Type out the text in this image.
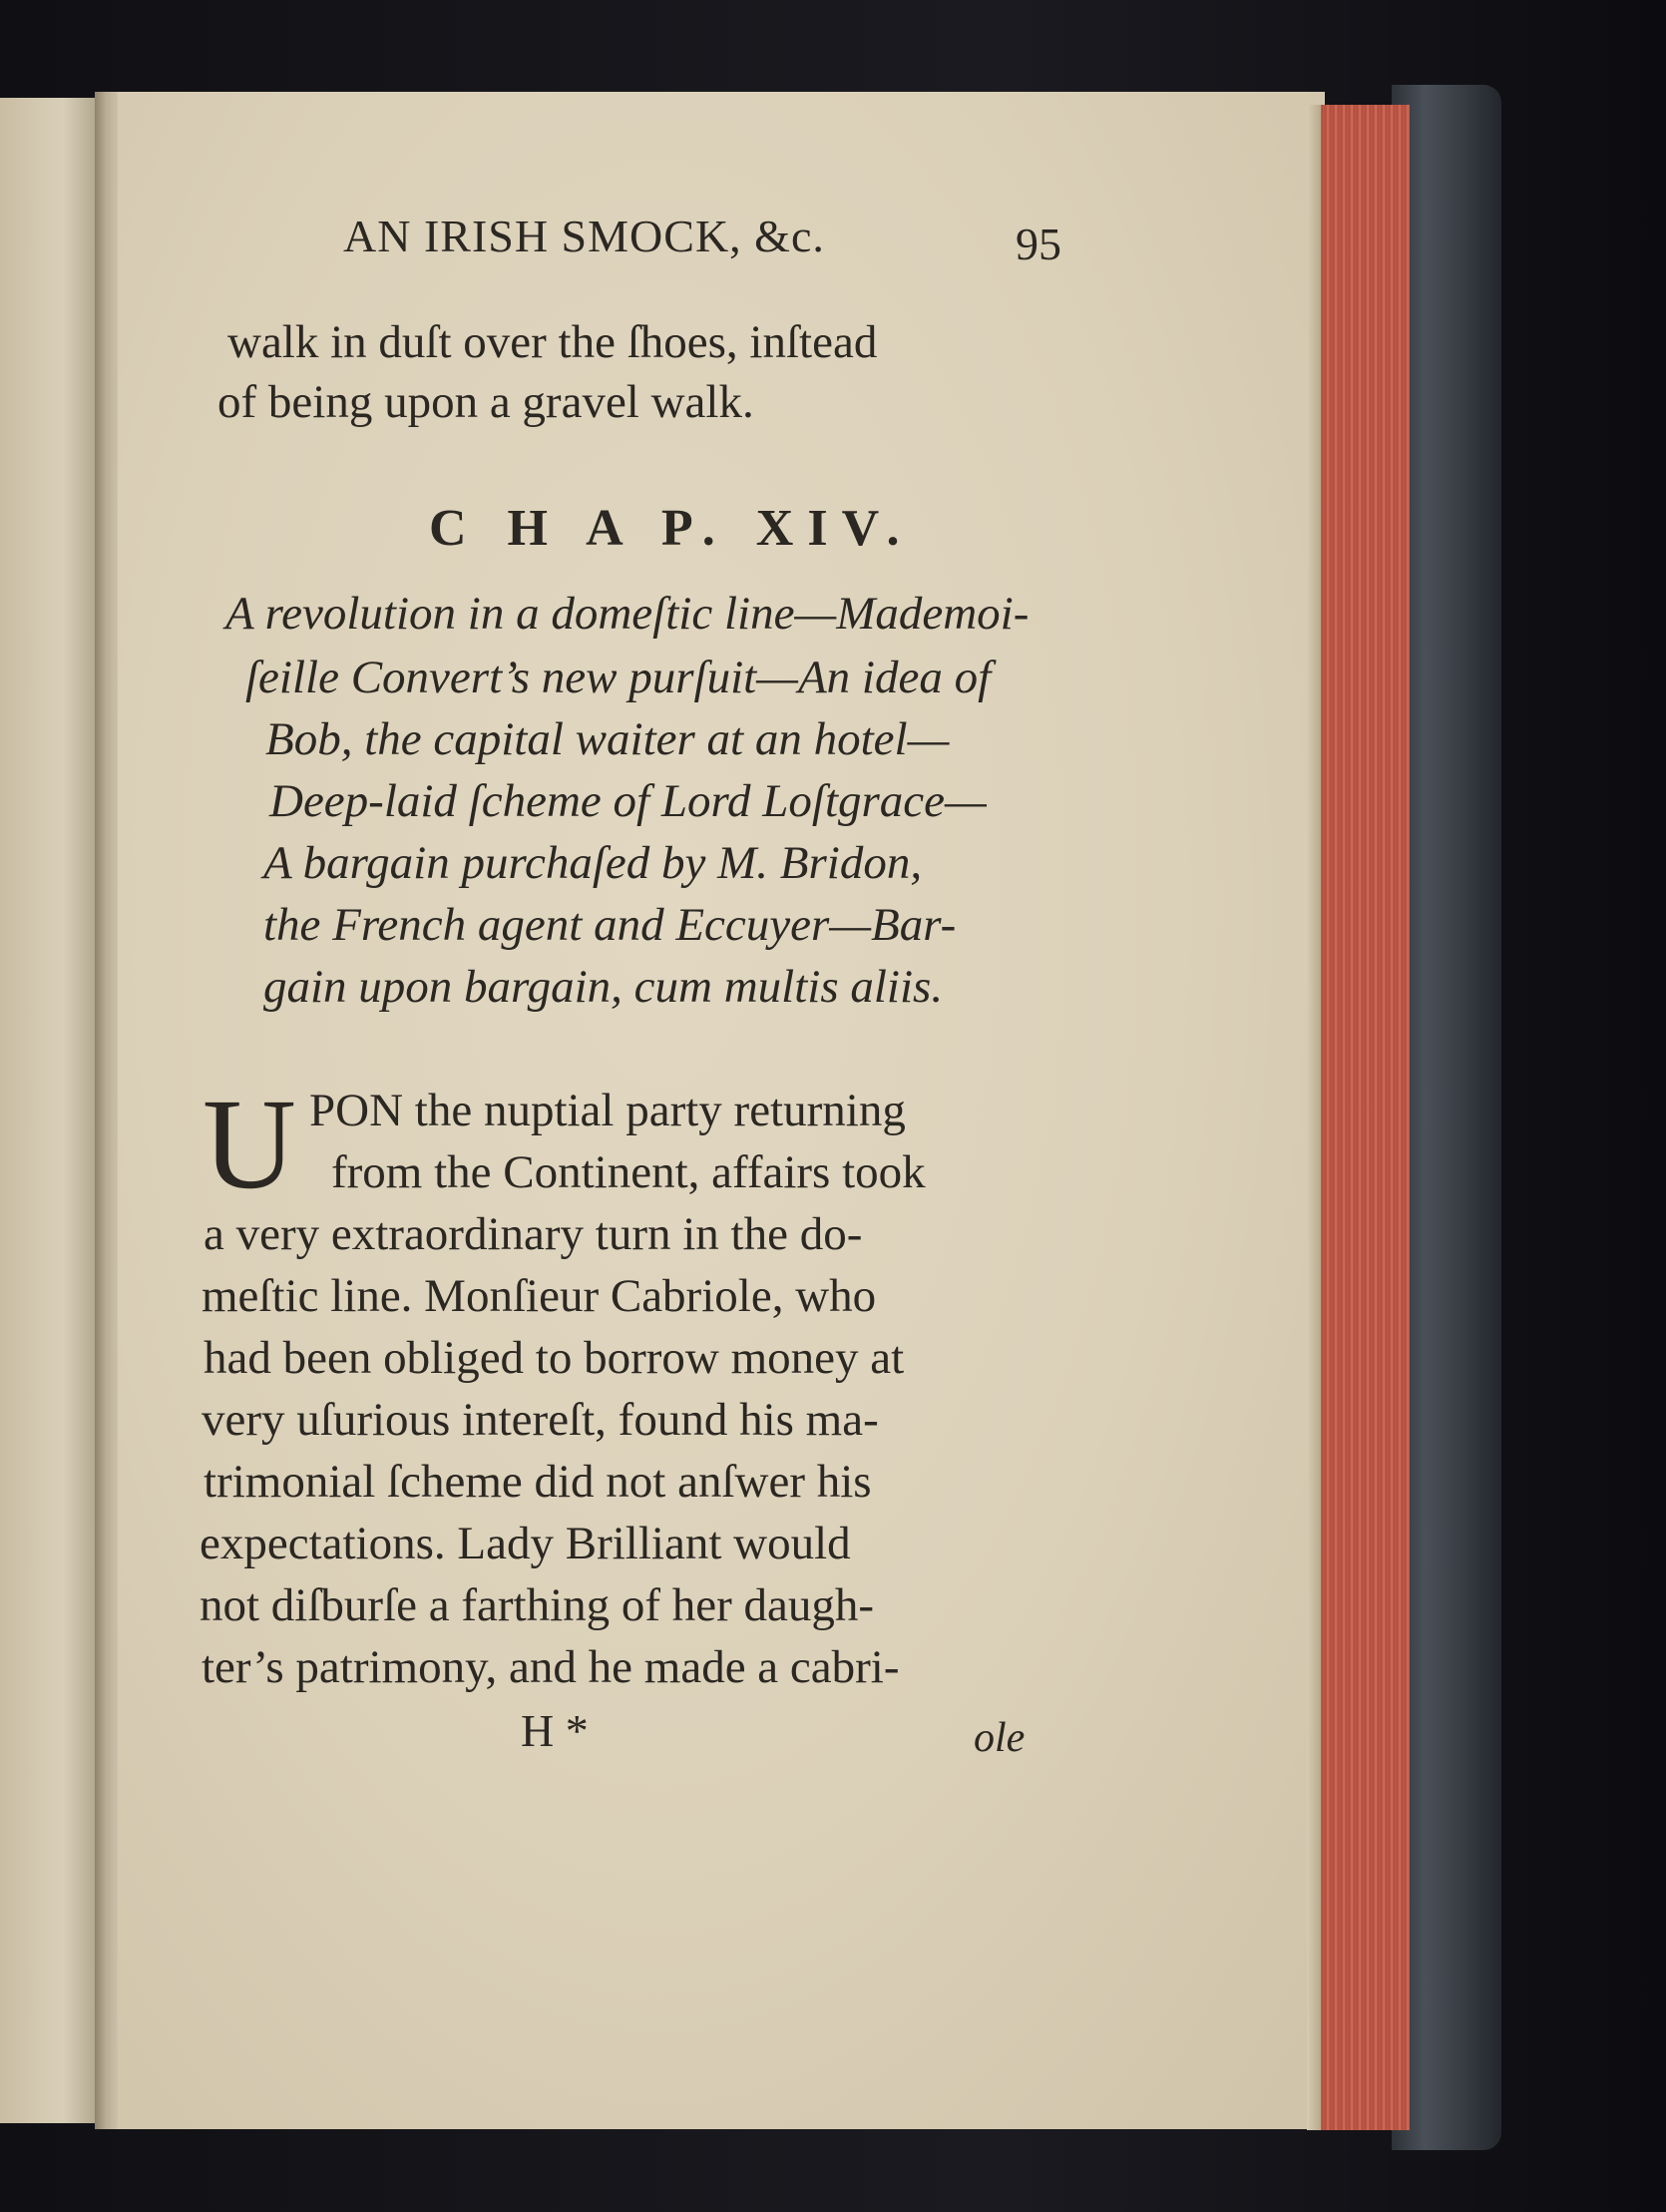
AN IRISH SMOCK, &c.	95

walk in duſt over the ſhoes, inſtead

of being upon a gravel walk.

C H A P. XIV.

A revolution in a domeſtic line—Mademoi-

ſeille Convert’s new purſuit—An idea of

Bob, the capital waiter at an hotel—

Deep-laid ſcheme of Lord Loſtgrace—

A bargain purchaſed by M. Bridon,

the French agent and Eccuyer—Bar-

gain upon bargain, cum multis aliis.

U PON the nuptial party returning

from the Continent, affairs took

a very extraordinary turn in the do-

meſtic line. Monſieur Cabriole, who

had been obliged to borrow money at

very uſurious intereſt, found his ma-

trimonial ſcheme did not anſwer his

expectations. Lady Brilliant would

not diſburſe a farthing of her daugh-

ter’s patrimony, and he made a cabri-

H *	ole
